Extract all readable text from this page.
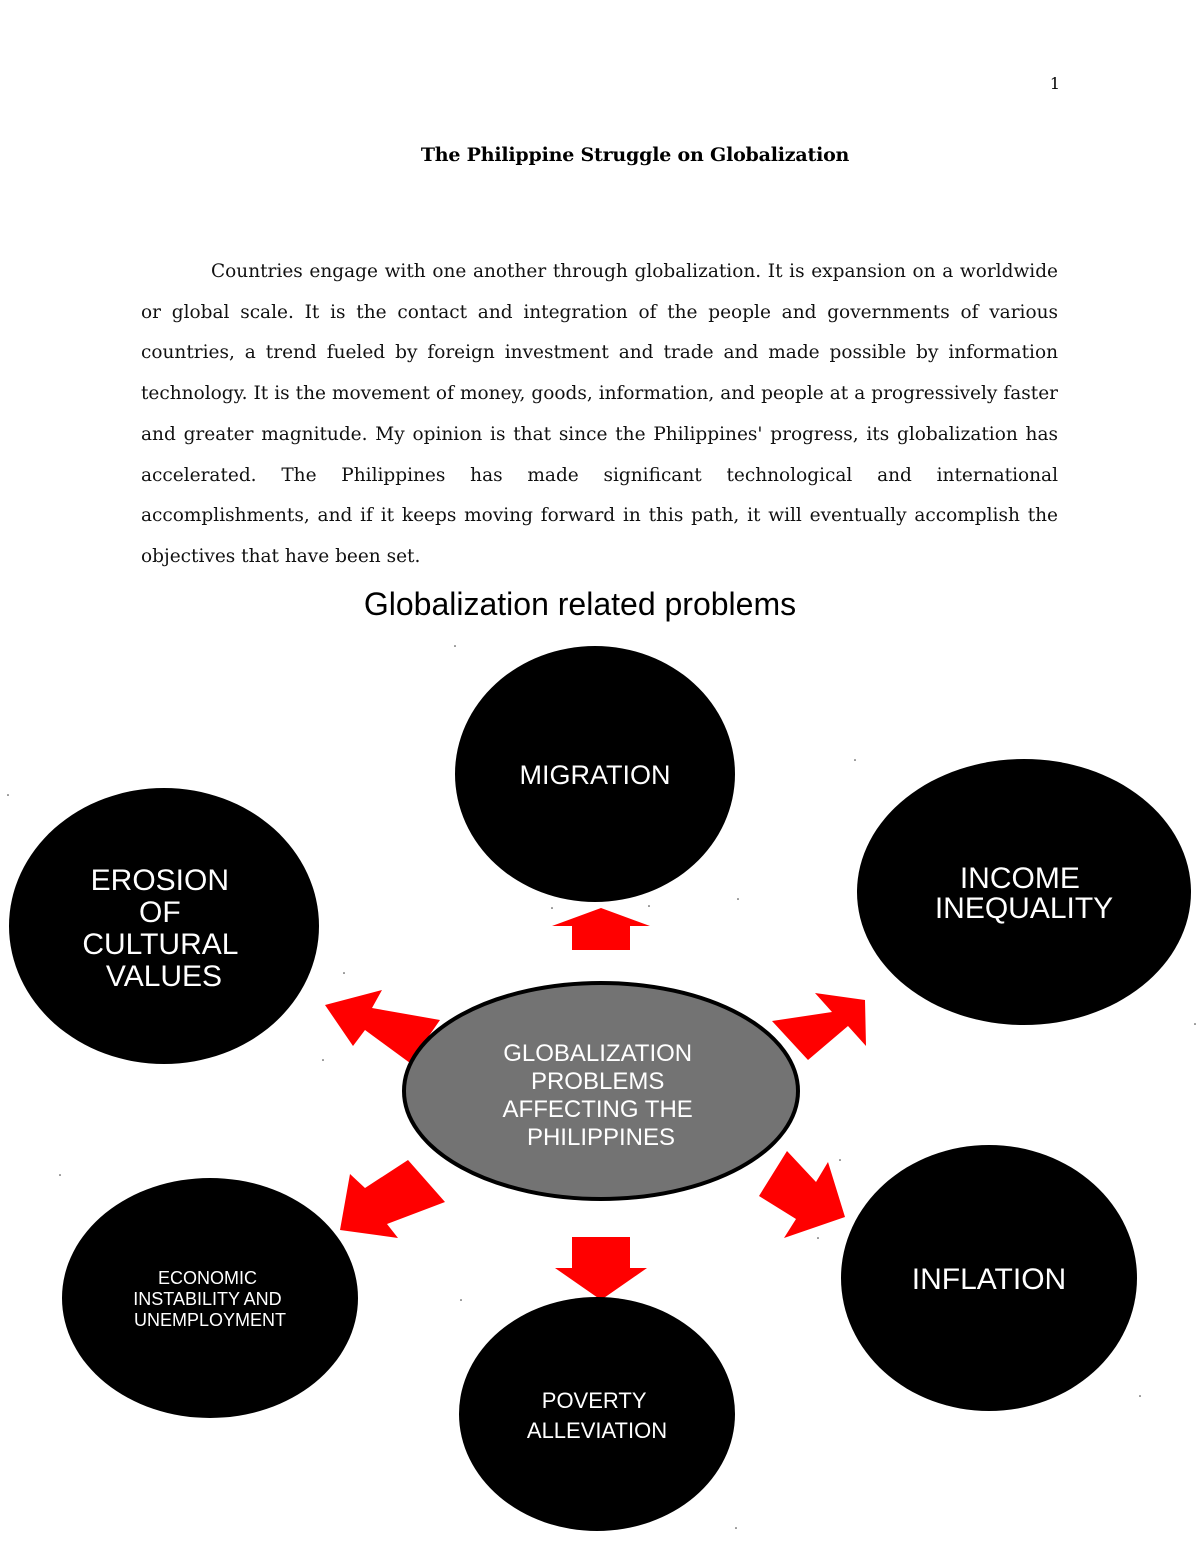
1
The Philippine Struggle on Globalization

Countries engage with one another through globalization. It is expansion on a worldwide or global scale. It is the contact and integration of the people and governments of various countries, a trend fueled by foreign investment and trade and made possible by information technology. It is the movement of money, goods, information, and people at a progressively faster and greater magnitude. My opinion is that since the Philippines' progress, its globalization has accelerated. The Philippines has made significant technological and international accomplishments, and if it keeps moving forward in this path, it will eventually accomplish the objectives that have been set.

Globalization related problems
GLOBALIZATION PROBLEMS AFFECTING THE PHILIPPINES
MIGRATION
INCOME INEQUALITY
EROSION OF CULTURAL VALUES
INFLATION
ECONOMIC INSTABILITY AND UNEMPLOYMENT
POVERTY ALLEVIATION
